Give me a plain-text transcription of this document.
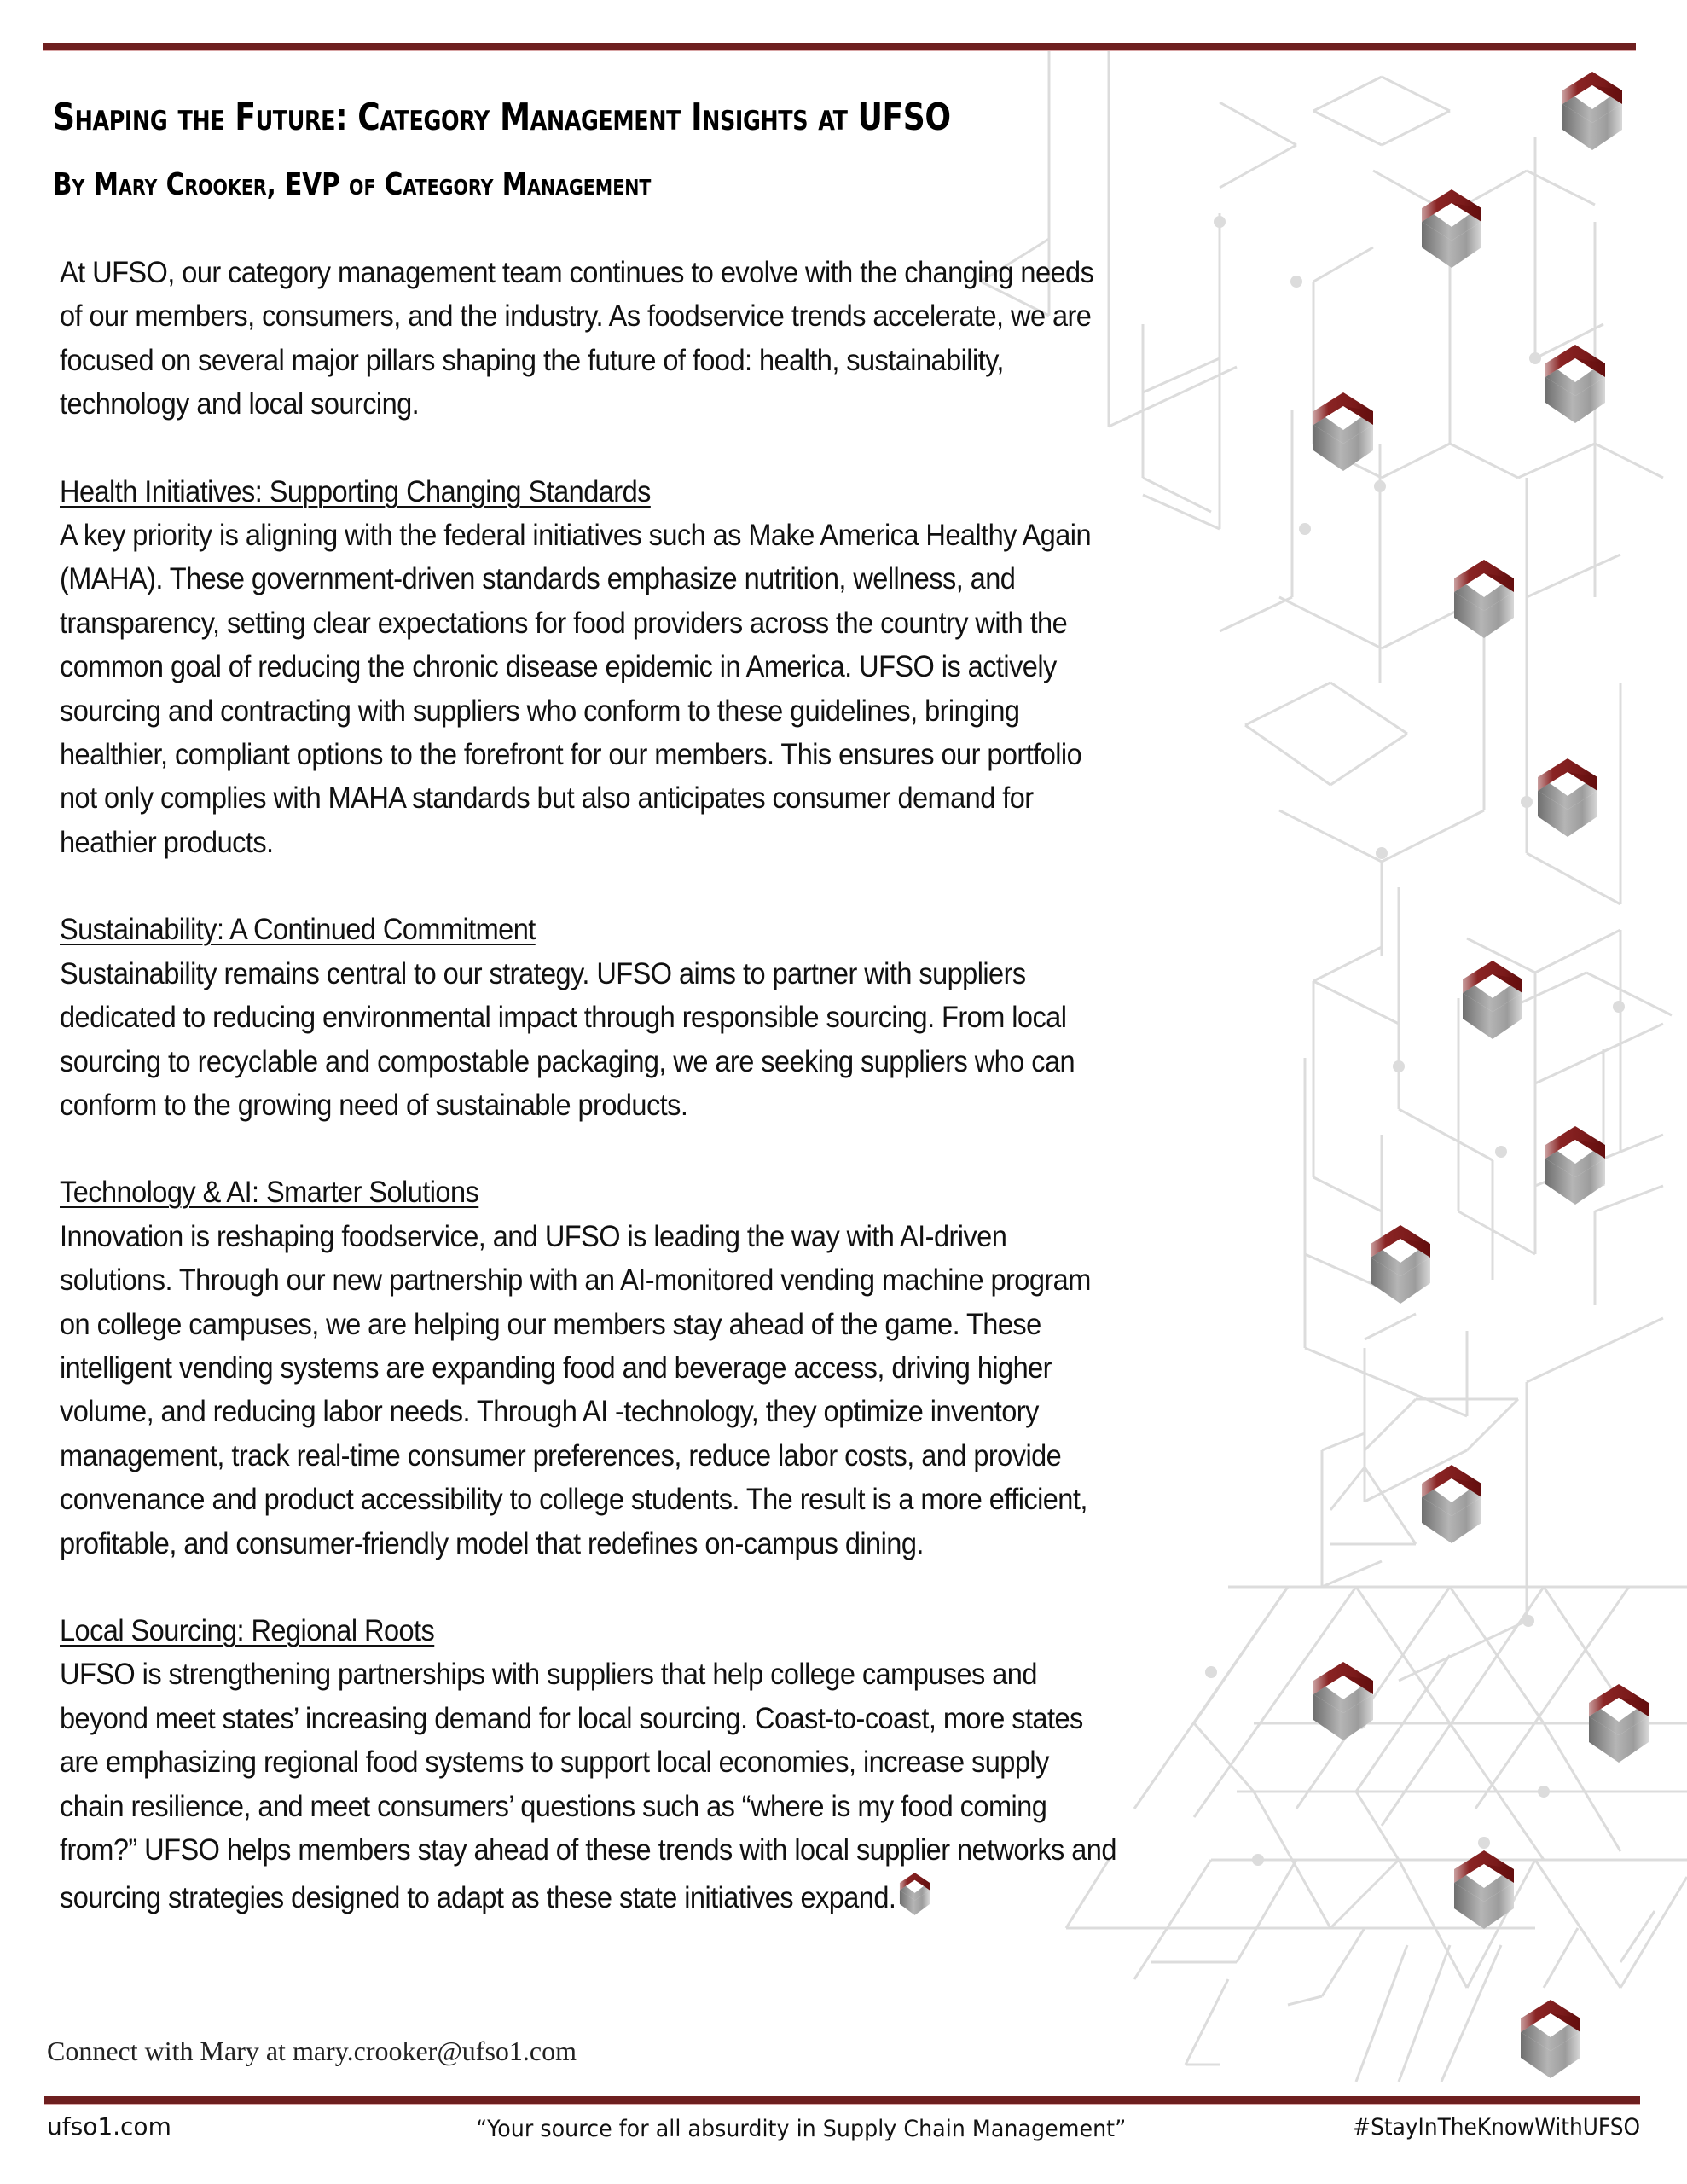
Shaping the Future: Category Management Insights at UFSO
By Mary Crooker, EVP of Category Management

At UFSO, our category management team continues to evolve with the changing needs
of our members, consumers, and the industry. As foodservice trends accelerate, we are
focused on several major pillars shaping the future of food: health, sustainability,
technology and local sourcing.

Health Initiatives: Supporting Changing Standards
A key priority is aligning with the federal initiatives such as Make America Healthy Again
(MAHA). These government-driven standards emphasize nutrition, wellness, and
transparency, setting clear expectations for food providers across the country with the
common goal of reducing the chronic disease epidemic in America. UFSO is actively
sourcing and contracting with suppliers who conform to these guidelines, bringing
healthier, compliant options to the forefront for our members. This ensures our portfolio
not only complies with MAHA standards but also anticipates consumer demand for
heathier products.

Sustainability: A Continued Commitment
Sustainability remains central to our strategy. UFSO aims to partner with suppliers
dedicated to reducing environmental impact through responsible sourcing. From local
sourcing to recyclable and compostable packaging, we are seeking suppliers who can
conform to the growing need of sustainable products.

Technology & AI: Smarter Solutions
Innovation is reshaping foodservice, and UFSO is leading the way with AI-driven
solutions. Through our new partnership with an AI-monitored vending machine program
on college campuses, we are helping our members stay ahead of the game. These
intelligent vending systems are expanding food and beverage access, driving higher
volume, and reducing labor needs. Through AI -technology, they optimize inventory
management, track real-time consumer preferences, reduce labor costs, and provide
convenance and product accessibility to college students. The result is a more efficient,
profitable, and consumer-friendly model that redefines on-campus dining.

Local Sourcing: Regional Roots
UFSO is strengthening partnerships with suppliers that help college campuses and
beyond meet states’ increasing demand for local sourcing. Coast-to-coast, more states
are emphasizing regional food systems to support local economies, increase supply
chain resilience, and meet consumers’ questions such as “where is my food coming
from?” UFSO helps members stay ahead of these trends with local supplier networks and
sourcing strategies designed to adapt as these state initiatives expand.

Connect with Mary at mary.crooker@ufso1.com
ufso1.com	“Your source for all absurdity in Supply Chain Management”	#StayInTheKnowWithUFSO
